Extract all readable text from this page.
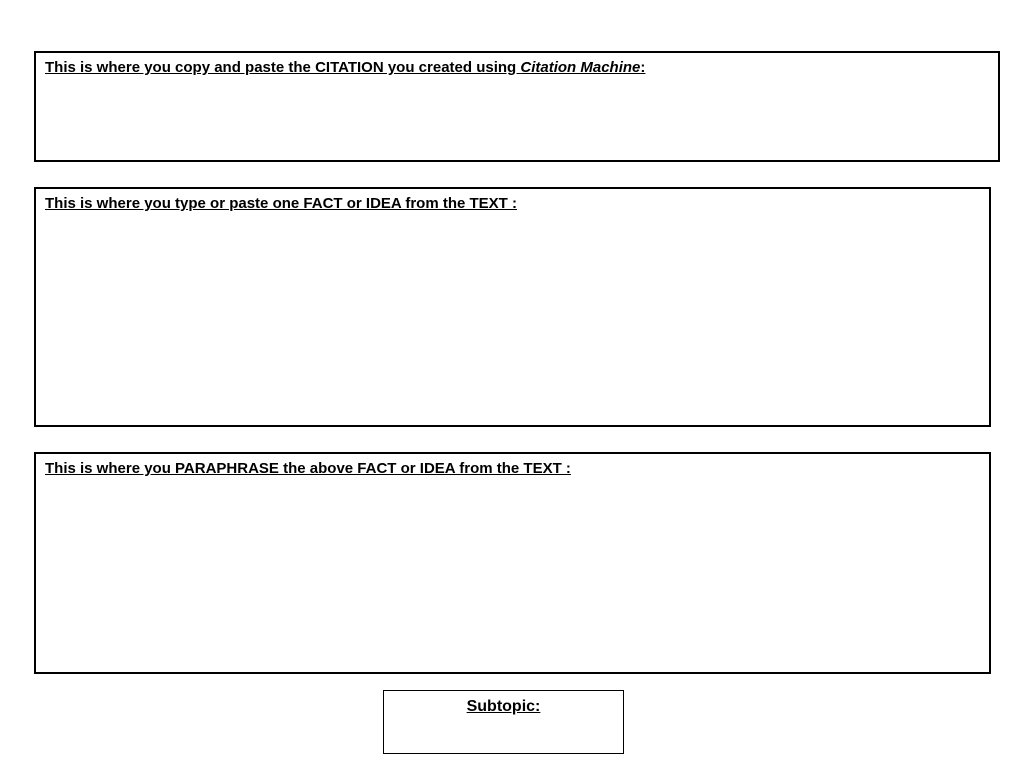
This is where you copy and paste the CITATION you created using Citation Machine:
This is where you type or paste one FACT or IDEA from the TEXT :
This is where you PARAPHRASE the above FACT or IDEA from the TEXT :
Subtopic:
